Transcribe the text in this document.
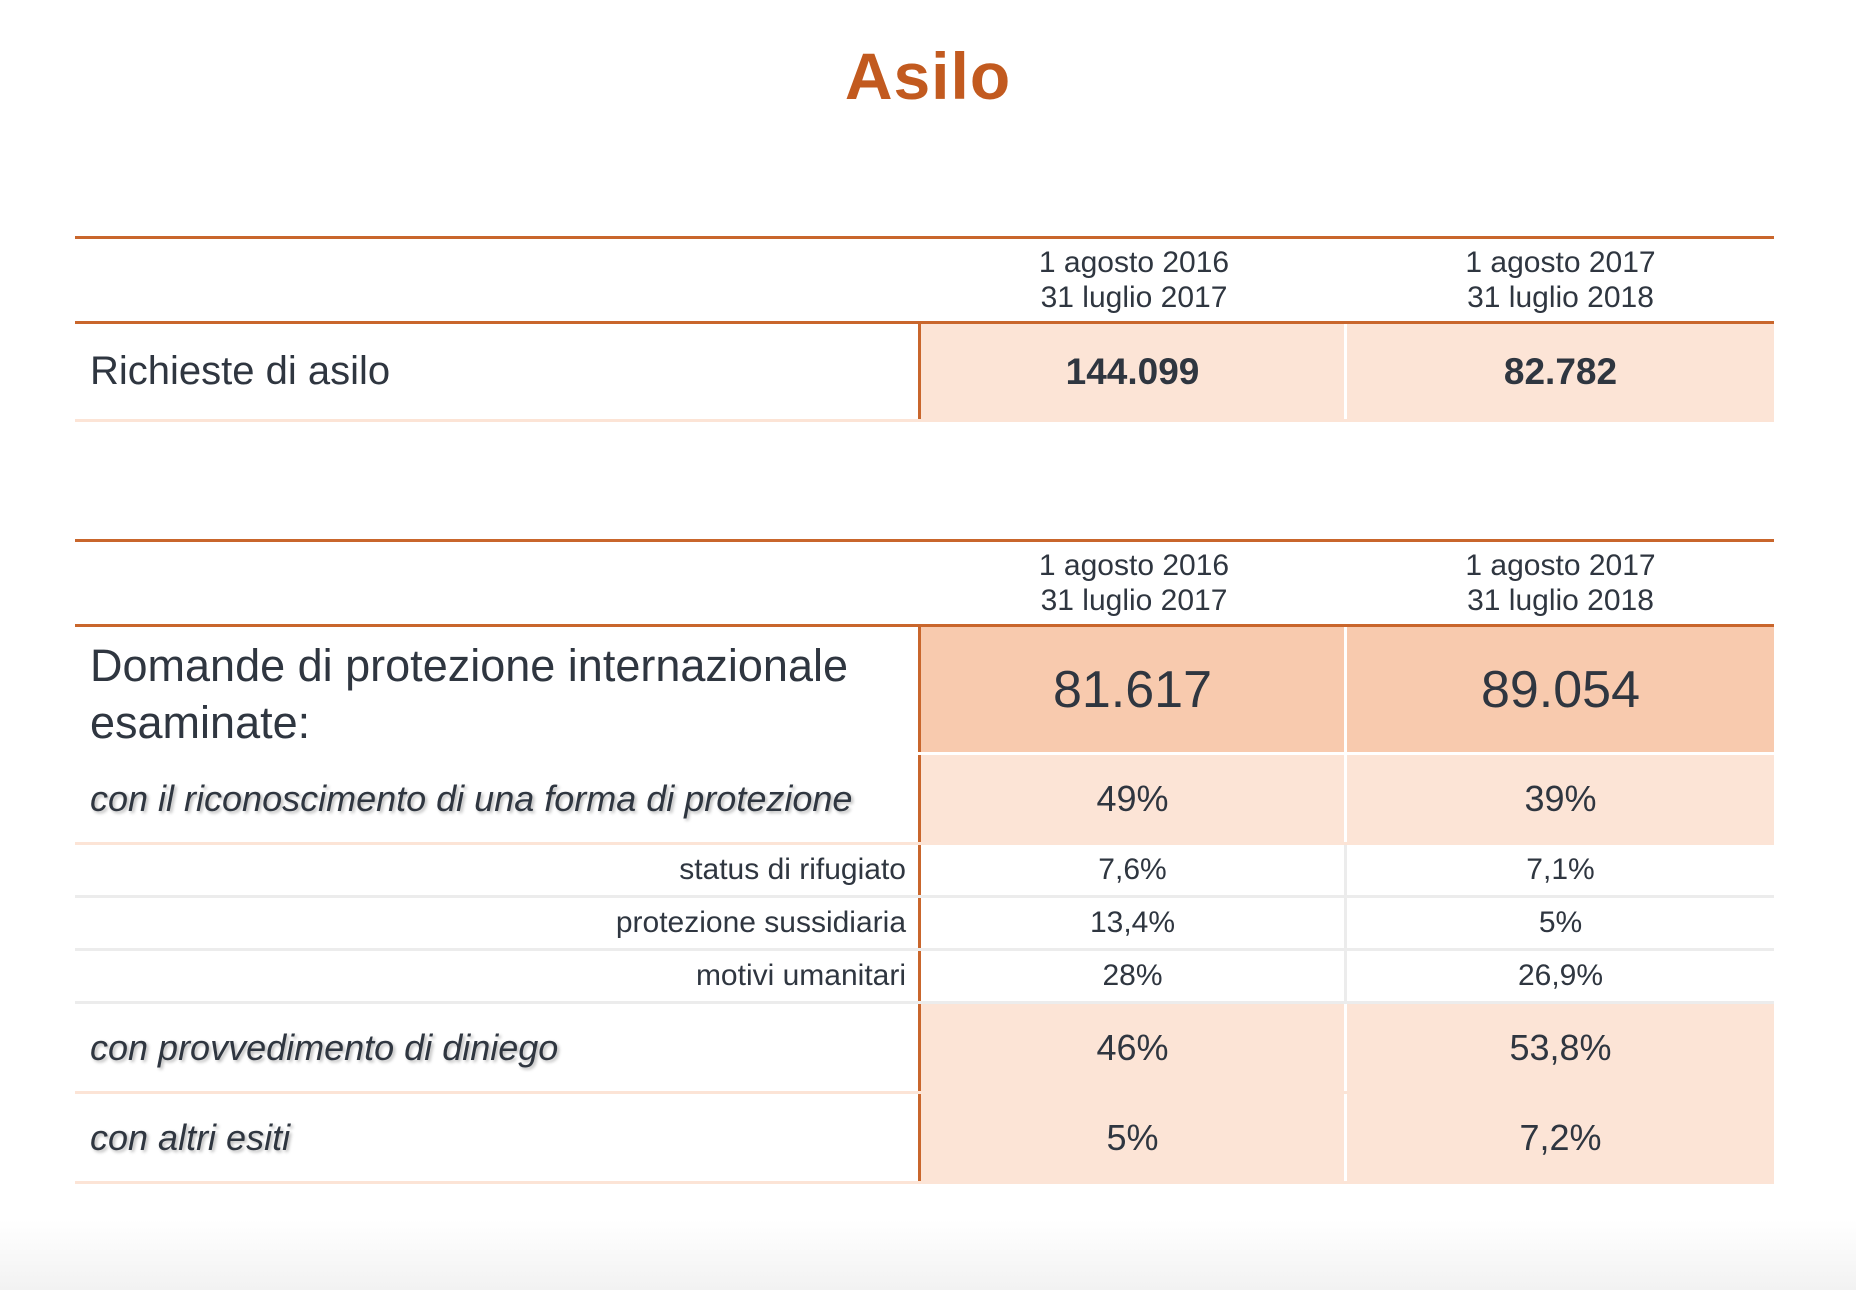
Asilo
1 agosto 2016
31 luglio 2017
1 agosto 2017
31 luglio 2018
Richieste di asilo	144.099	82.782
1 agosto 2016
31 luglio 2017
1 agosto 2017
31 luglio 2018
Domande di protezione internazionale
esaminate:
81.617	89.054
con il riconoscimento di una forma di protezione	49%	39%
status di rifugiato	7,6%	7,1%
protezione sussidiaria	13,4%	5%
motivi umanitari	28%	26,9%
con provvedimento di diniego	46%	53,8%
con altri esiti	5%	7,2%
